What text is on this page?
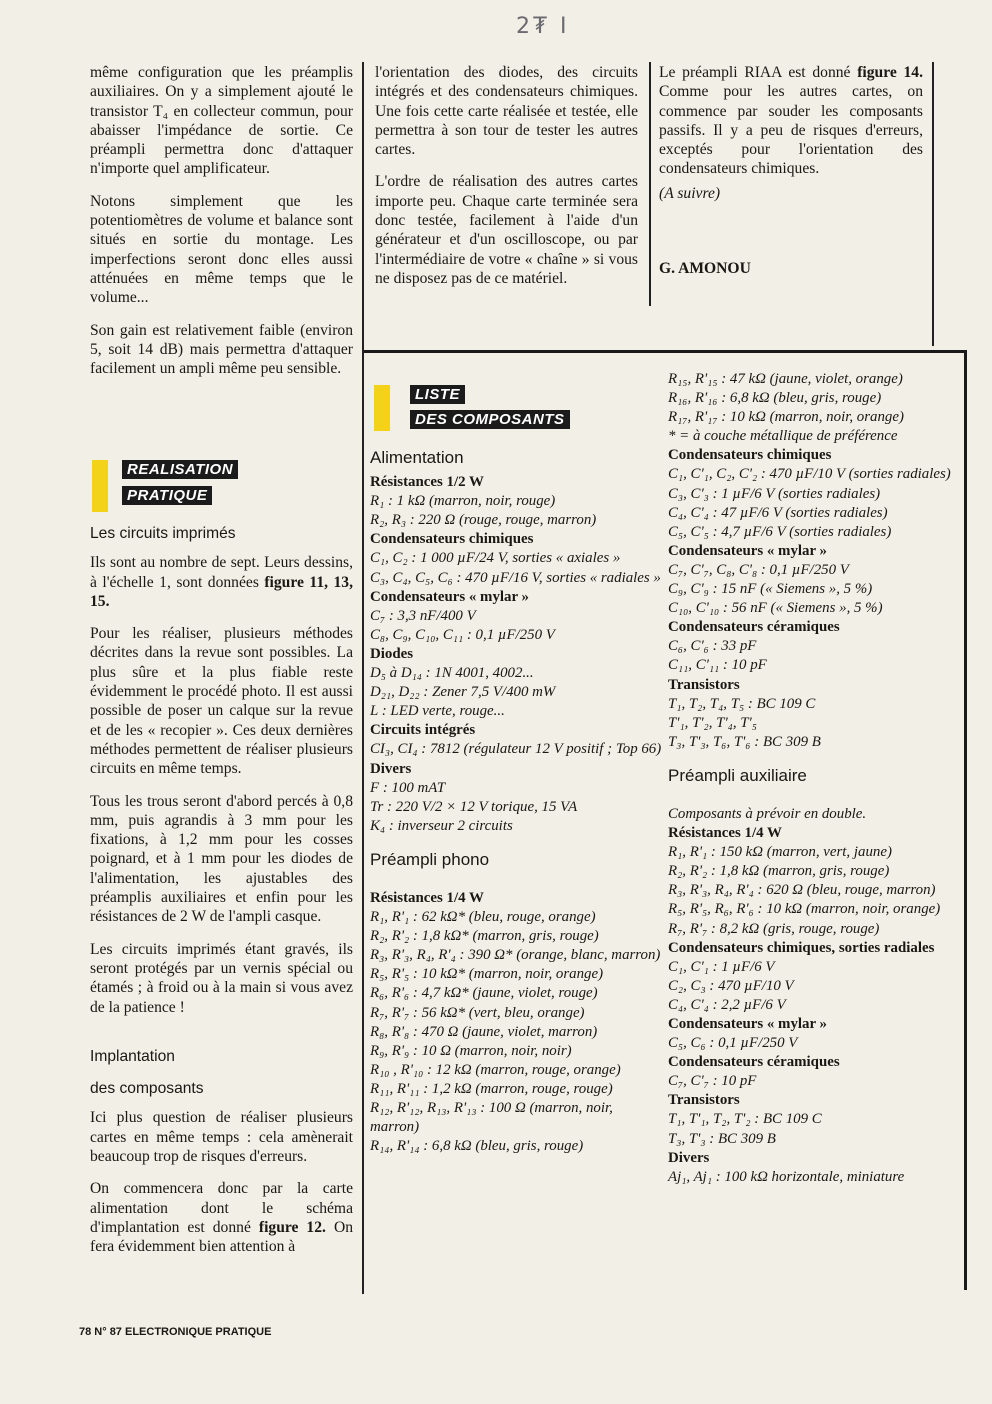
2₮ I

même configuration que les préamplis auxiliaires. On y a simplement ajouté le transistor T₄ en collecteur commun, pour abaisser l'impédance de sortie. Ce préampli permettra donc d'attaquer n'importe quel amplificateur.

Notons simplement que les potentiomètres de volume et balance sont situés en sortie du montage. Les imperfections seront donc elles aussi atténuées en même temps que le volume...

Son gain est relativement faible (environ 5, soit 14 dB) mais permettra d'attaquer facilement un ampli même peu sensible.

REALISATION
PRATIQUE

Les circuits imprimés

Ils sont au nombre de sept. Leurs dessins, à l'échelle 1, sont données figure 11, 13, 15.

Pour les réaliser, plusieurs méthodes décrites dans la revue sont possibles. La plus sûre et la plus fiable reste évidemment le procédé photo. Il est aussi possible de poser un calque sur la revue et de les « recopier ». Ces deux dernières méthodes permettent de réaliser plusieurs circuits en même temps.

Tous les trous seront d'abord percés à 0,8 mm, puis agrandis à 3 mm pour les fixations, à 1,2 mm pour les cosses poignard, et à 1 mm pour les diodes de l'alimentation, les ajustables des préamplis auxiliaires et enfin pour les résistances de 2 W de l'ampli casque.

Les circuits imprimés étant gravés, ils seront protégés par un vernis spécial ou étamés ; à froid ou à la main si vous avez de la patience !

Implantation

des composants

Ici plus question de réaliser plusieurs cartes en même temps : cela amènerait beaucoup trop de risques d'erreurs.

On commencera donc par la carte alimentation dont le schéma d'implantation est donné figure 12. On fera évidemment bien attention à

l'orientation des diodes, des circuits intégrés et des condensateurs chimiques. Une fois cette carte réalisée et testée, elle permettra à son tour de tester les autres cartes.

L'ordre de réalisation des autres cartes importe peu. Chaque carte terminée sera donc testée, facilement à l'aide d'un générateur et d'un oscilloscope, ou par l'intermédiaire de votre « chaîne » si vous ne disposez pas de ce matériel.

Le préampli RIAA est donné figure 14. Comme pour les autres cartes, on commence par souder les composants passifs. Il y a peu de risques d'erreurs, exceptés pour l'orientation des condensateurs chimiques.

(A suivre)

G. AMONOU

LISTE
DES COMPOSANTS
Alimentation
Résistances 1/2 W
R₁ : 1 kΩ (marron, noir, rouge)
R₂, R₃ : 220 Ω (rouge, rouge, marron)
Condensateurs chimiques
C₁, C₂ : 1 000 µF/24 V, sorties « axiales »
C₃, C₄, C₅, C₆ : 470 µF/16 V, sorties « radiales »
Condensateurs « mylar »
C₇ : 3,3 nF/400 V
C₈, C₉, C₁₀, C₁₁ : 0,1 µF/250 V
Diodes
D₅ à D₁₄ : 1N 4001, 4002...
D₂₁, D₂₂ : Zener 7,5 V/400 mW
L : LED verte, rouge...
Circuits intégrés
CI₃, CI₄ : 7812 (régulateur 12 V positif ; Top 66)
Divers
F : 100 mAT
Tr : 220 V/2 × 12 V torique, 15 VA
K₄ : inverseur 2 circuits
Préampli phono
Résistances 1/4 W
R₁, R'₁ : 62 kΩ* (bleu, rouge, orange)
R₂, R'₂ : 1,8 kΩ* (marron, gris, rouge)
R₃, R'₃, R₄, R'₄ : 390 Ω* (orange, blanc, marron)
R₅, R'₅ : 10 kΩ* (marron, noir, orange)
R₆, R'₆ : 4,7 kΩ* (jaune, violet, rouge)
R₇, R'₇ : 56 kΩ* (vert, bleu, orange)
R₈, R'₈ : 470 Ω (jaune, violet, marron)
R₉, R'₉ : 10 Ω (marron, noir, noir)
R₁₀ , R'₁₀ : 12 kΩ (marron, rouge, orange)
R₁₁, R'₁₁ : 1,2 kΩ (marron, rouge, rouge)
R₁₂, R'₁₂, R₁₃, R'₁₃ : 100 Ω (marron, noir, marron)
R₁₄, R'₁₄ : 6,8 kΩ (bleu, gris, rouge)
R₁₅, R'₁₅ : 47 kΩ (jaune, violet, orange)
R₁₆, R'₁₆ : 6,8 kΩ (bleu, gris, rouge)
R₁₇, R'₁₇ : 10 kΩ (marron, noir, orange)
* = à couche métallique de préférence
Condensateurs chimiques
C₁, C'₁, C₂, C'₂ : 470 µF/10 V (sorties radiales)
C₃, C'₃ : 1 µF/6 V (sorties radiales)
C₄, C'₄ : 47 µF/6 V (sorties radiales)
C₅, C'₅ : 4,7 µF/6 V (sorties radiales)
Condensateurs « mylar »
C₇, C'₇, C₈, C'₈ : 0,1 µF/250 V
C₉, C'₉ : 15 nF (« Siemens », 5 %)
C₁₀, C'₁₀ : 56 nF (« Siemens », 5 %)
Condensateurs céramiques
C₆, C'₆ : 33 pF
C₁₁, C'₁₁ : 10 pF
Transistors
T₁, T₂, T₄, T₅ : BC 109 C
T'₁, T'₂, T'₄, T'₅
T₃, T'₃, T₆, T'₆ : BC 309 B
Préampli auxiliaire
Composants à prévoir en double.
Résistances 1/4 W
R₁, R'₁ : 150 kΩ (marron, vert, jaune)
R₂, R'₂ : 1,8 kΩ (marron, gris, rouge)
R₃, R'₃, R₄, R'₄ : 620 Ω (bleu, rouge, marron)
R₅, R'₅, R₆, R'₆ : 10 kΩ (marron, noir, orange)
R₇, R'₇ : 8,2 kΩ (gris, rouge, rouge)
Condensateurs chimiques, sorties radiales
C₁, C'₁ : 1 µF/6 V
C₂, C₃ : 470 µF/10 V
C₄, C'₄ : 2,2 µF/6 V
Condensateurs « mylar »
C₅, C₆ : 0,1 µF/250 V
Condensateurs céramiques
C₇, C'₇ : 10 pF
Transistors
T₁, T'₁, T₂, T'₂ : BC 109 C
T₃, T'₃ : BC 309 B
Divers
Aj₁, Aj₁ : 100 kΩ horizontale, miniature
78 N° 87 ELECTRONIQUE PRATIQUE
